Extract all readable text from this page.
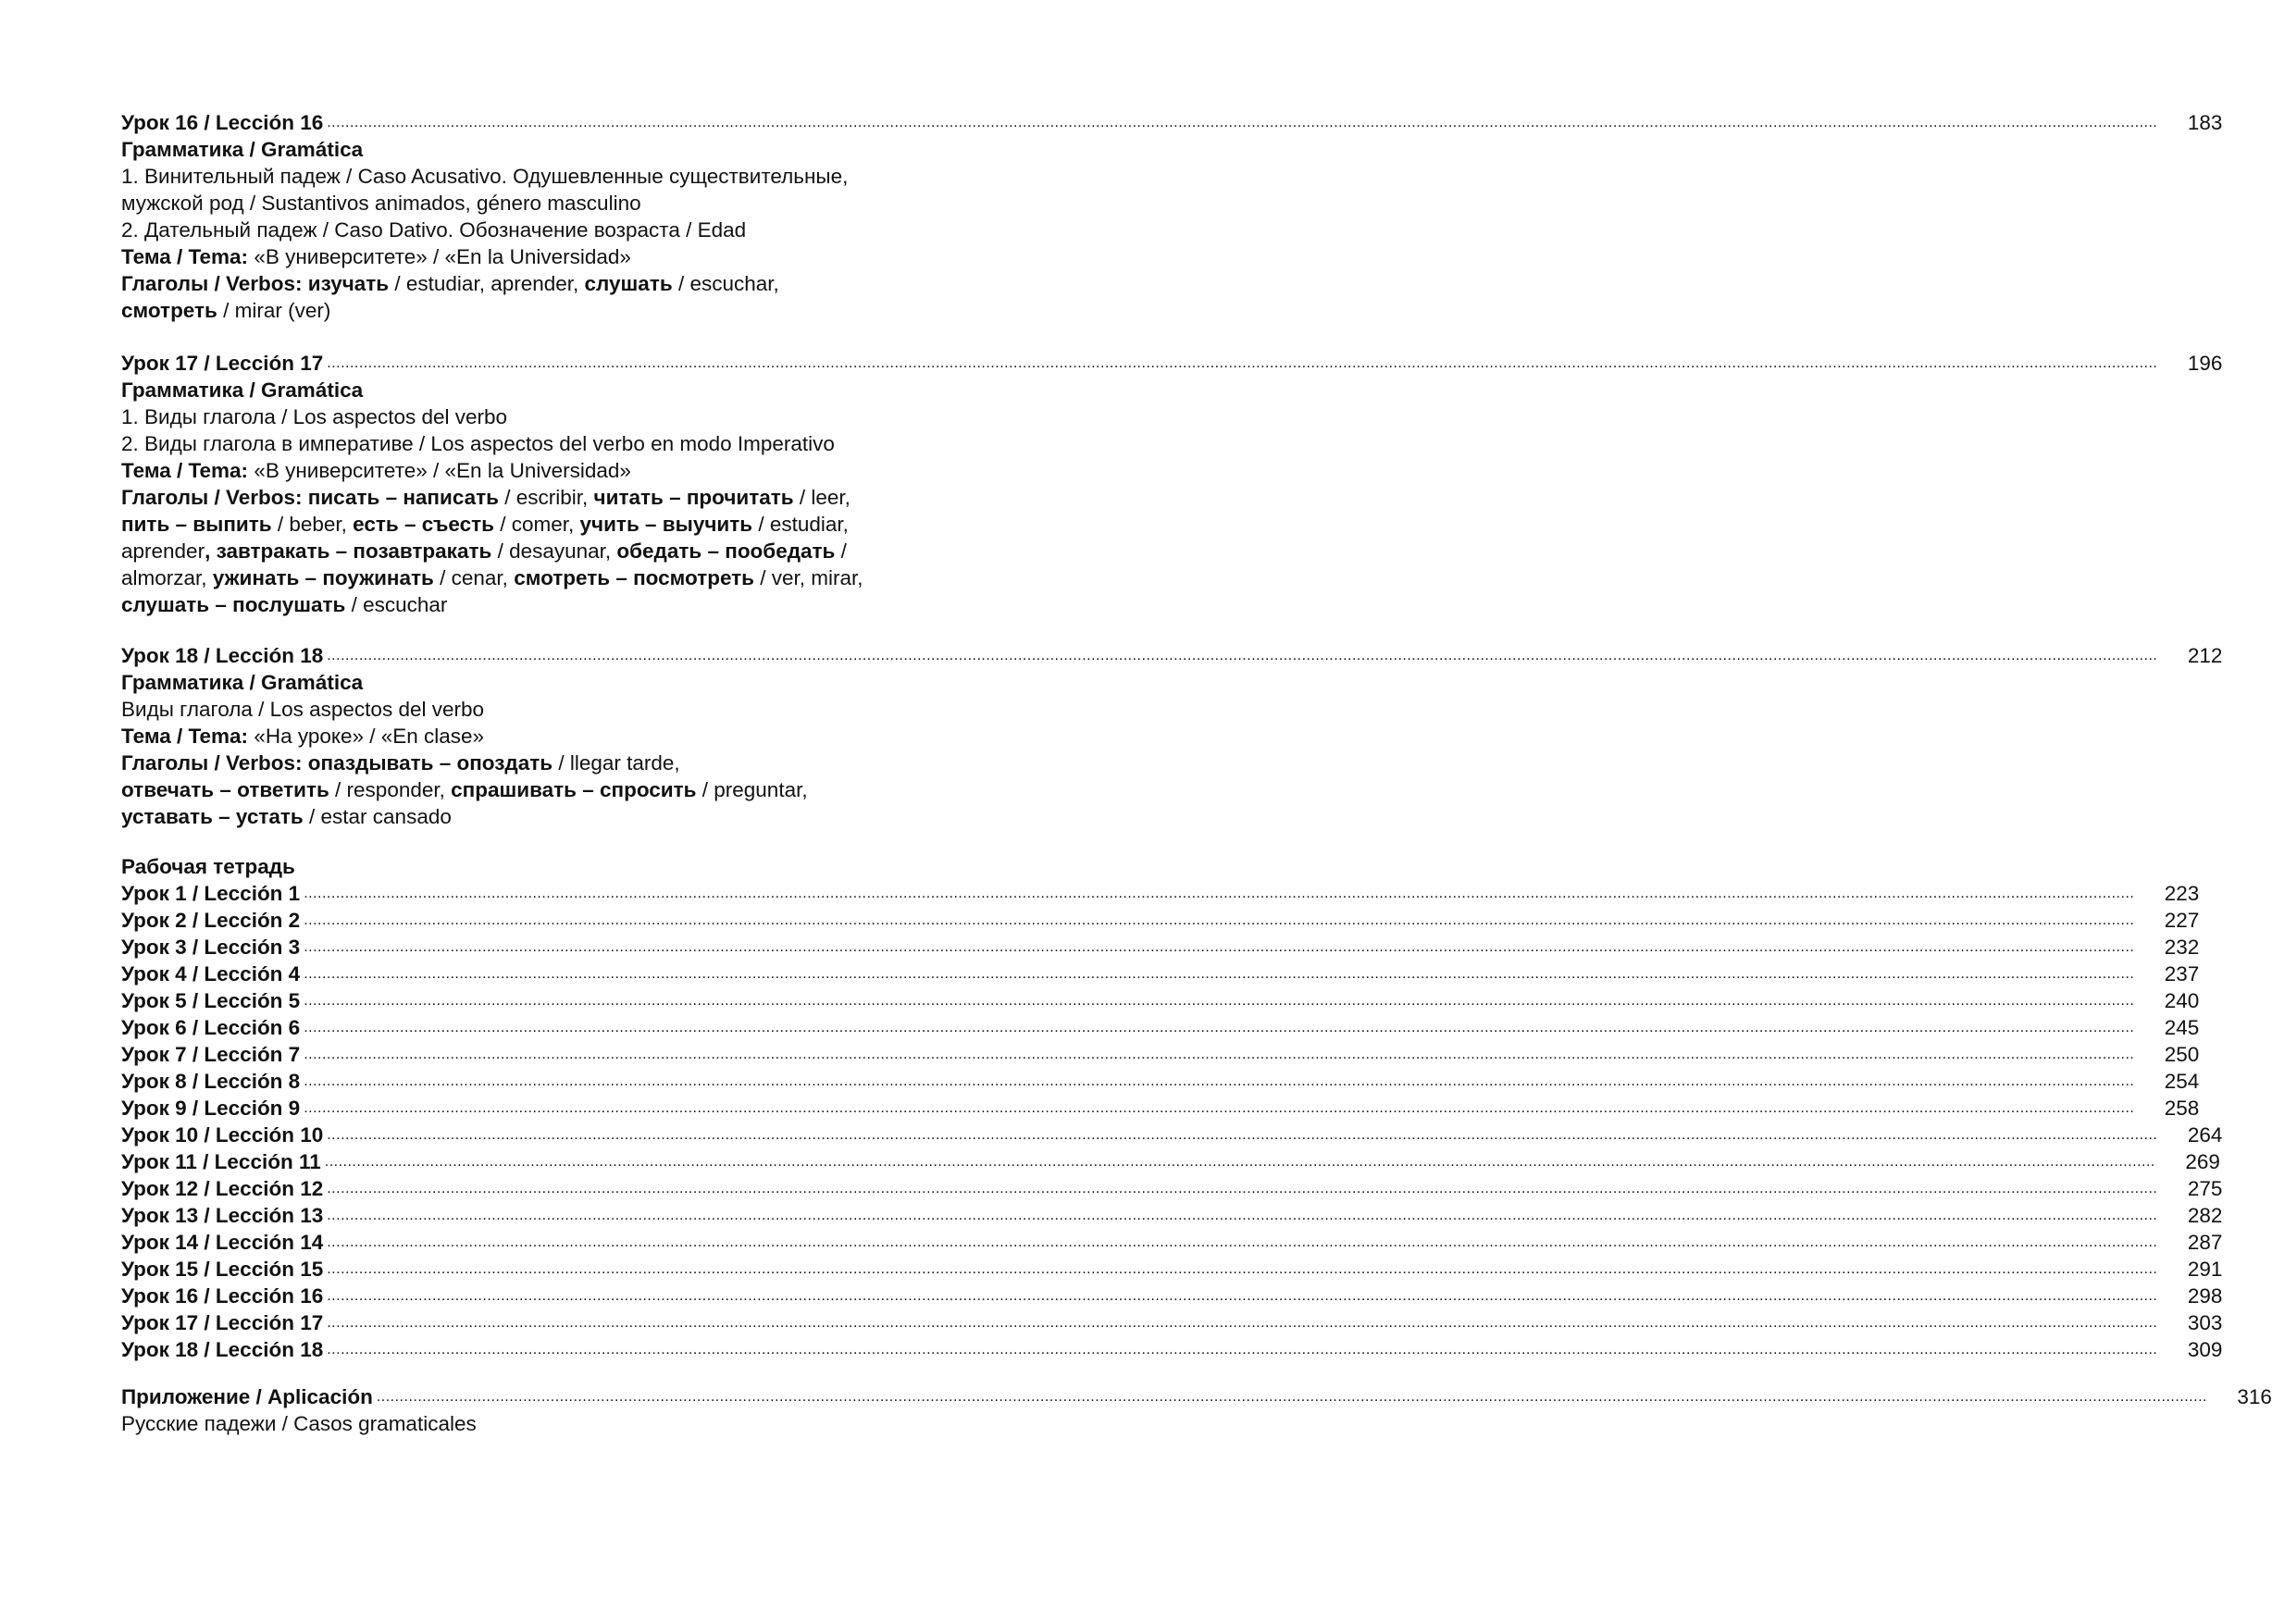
Урок 16 / Lección 16 ................................................................................................................................................................................................................................................................................................................................................................................................................	183
Грамматика / Gramática
1. Винительный падеж / Caso Acusativo. Одушевленные существительные,
мужской род / Sustantivos animados, género masculino
2. Дательный падеж / Caso Dativo. Обозначение возраста / Edad
Тема / Tema: «В университете» / «En la Universidad»
Глаголы / Verbos: изучать / estudiar, aprender, слушать / escuchar,
смотреть / mirar (ver)
Урок 17 / Lección 17 ................................................................................................................................................................................................................................................................................................................................................................................................................	196
Грамматика / Gramática
1. Виды глагола / Los aspectos del verbo
2. Виды глагола в императиве / Los aspectos del verbo en modo Imperativo
Тема / Tema: «В университете» / «En la Universidad»
Глаголы / Verbos: писать – написать / escribir, читать – прочитать / leer,
пить – выпить / beber, есть – съесть / comer, учить – выучить / estudiar,
aprender, завтракать – позавтракать / desayunar, обедать – пообедать /
almorzar, ужинать – поужинать / cenar, смотреть – посмотреть / ver, mirar,
слушать – послушать / escuchar
Урок 18 / Lección 18 ................................................................................................................................................................................................................................................................................................................................................................................................................	212
Грамматика / Gramática
Виды глагола / Los aspectos del verbo
Тема / Tema: «На уроке» / «En clase»
Глаголы / Verbos: опаздывать – опоздать / llegar tarde,
отвечать – ответить / responder, спрашивать – спросить / preguntar,
уставать – устать / estar cansado
Рабочая тетрадь
Урок 1 / Lección 1 ................................................................................................................................................................................................................................................................................................................................................................................................................	223
Урок 2 / Lección 2 ................................................................................................................................................................................................................................................................................................................................................................................................................	227
Урок 3 / Lección 3 ................................................................................................................................................................................................................................................................................................................................................................................................................	232
Урок 4 / Lección 4 ................................................................................................................................................................................................................................................................................................................................................................................................................	237
Урок 5 / Lección 5 ................................................................................................................................................................................................................................................................................................................................................................................................................	240
Урок 6 / Lección 6 ................................................................................................................................................................................................................................................................................................................................................................................................................	245
Урок 7 / Lección 7 ................................................................................................................................................................................................................................................................................................................................................................................................................	250
Урок 8 / Lección 8 ................................................................................................................................................................................................................................................................................................................................................................................................................	254
Урок 9 / Lección 9 ................................................................................................................................................................................................................................................................................................................................................................................................................	258
Урок 10 / Lección 10 ................................................................................................................................................................................................................................................................................................................................................................................................................	264
Урок 11 / Lección 11 ................................................................................................................................................................................................................................................................................................................................................................................................................	269
Урок 12 / Lección 12 ................................................................................................................................................................................................................................................................................................................................................................................................................	275
Урок 13 / Lección 13 ................................................................................................................................................................................................................................................................................................................................................................................................................	282
Урок 14 / Lección 14 ................................................................................................................................................................................................................................................................................................................................................................................................................	287
Урок 15 / Lección 15 ................................................................................................................................................................................................................................................................................................................................................................................................................	291
Урок 16 / Lección 16 ................................................................................................................................................................................................................................................................................................................................................................................................................	298
Урок 17 / Lección 17 ................................................................................................................................................................................................................................................................................................................................................................................................................	303
Урок 18 / Lección 18 ................................................................................................................................................................................................................................................................................................................................................................................................................	309
Приложение / Aplicación ................................................................................................................................................................................................................................................................................................................................................................................................................	316
Русские падежи / Casos gramaticales
